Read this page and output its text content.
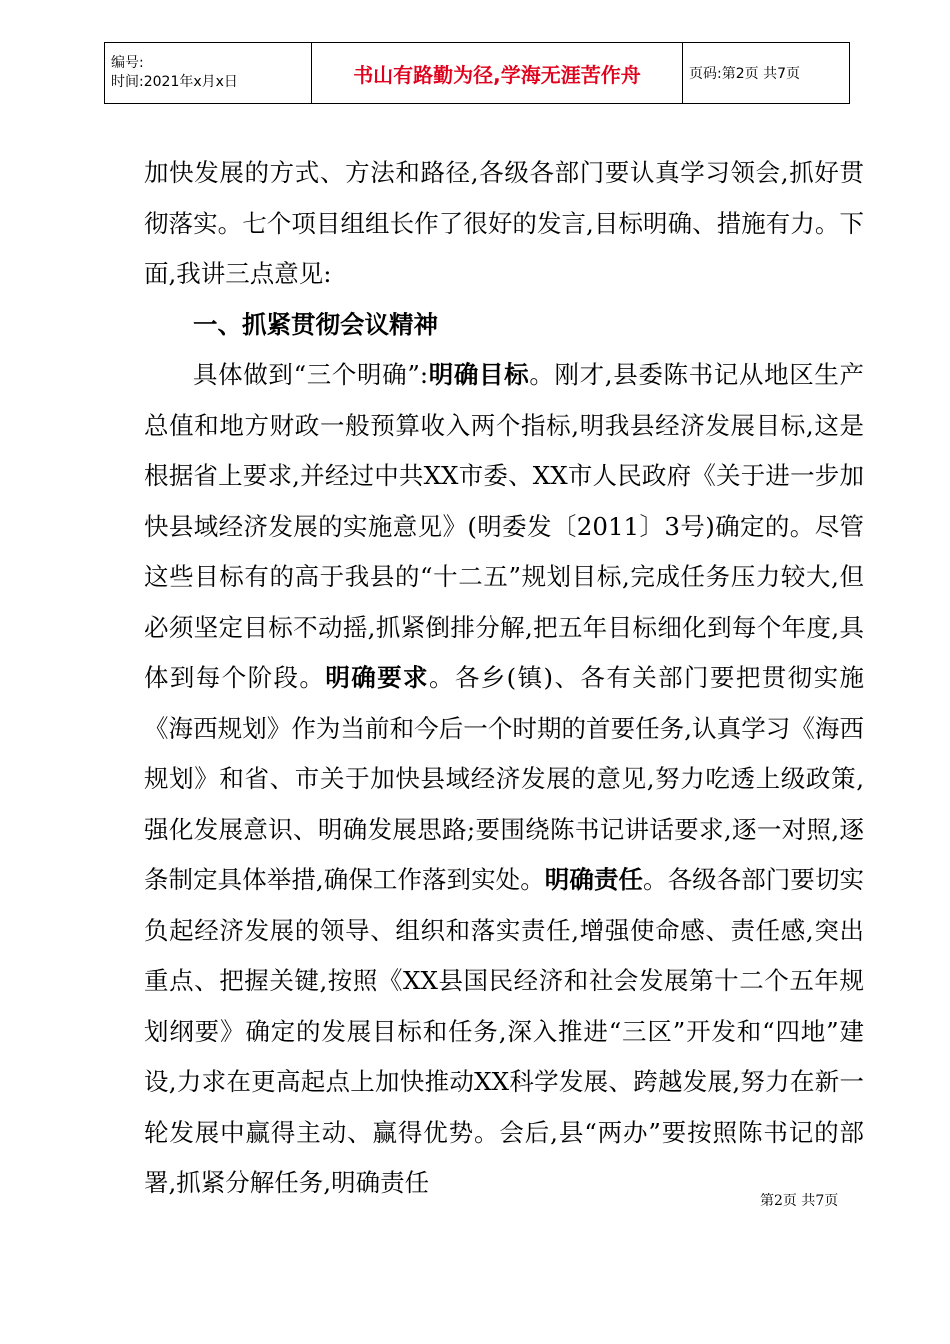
编号:
时间:2021年x月x日	书山有路勤为径,学海无涯苦作舟	页码:第2页 共7页

加快发展的方式、方法和路径,各级各部门要认真学习领会,抓好贯彻落实。七个项目组组长作了很好的发言,目标明确、措施有力。下面,我讲三点意见:

一、抓紧贯彻会议精神

具体做到“三个明确”:明确目标。刚才,县委陈书记从地区生产总值和地方财政一般预算收入两个指标,明我县经济发展目标,这是根据省上要求,并经过中共XX市委、XX市人民政府《关于进一步加快县域经济发展的实施意见》(明委发〔2011〕3号)确定的。尽管这些目标有的高于我县的“十二五”规划目标,完成任务压力较大,但必须坚定目标不动摇,抓紧倒排分解,把五年目标细化到每个年度,具体到每个阶段。明确要求。各乡(镇)、各有关部门要把贯彻实施《海西规划》作为当前和今后一个时期的首要任务,认真学习《海西规划》和省、市关于加快县域经济发展的意见,努力吃透上级政策,强化发展意识、明确发展思路;要围绕陈书记讲话要求,逐一对照,逐条制定具体举措,确保工作落到实处。明确责任。各级各部门要切实负起经济发展的领导、组织和落实责任,增强使命感、责任感,突出重点、把握关键,按照《XX县国民经济和社会发展第十二个五年规划纲要》确定的发展目标和任务,深入推进“三区”开发和“四地”建设,力求在更高起点上加快推动XX科学发展、跨越发展,努力在新一轮发展中赢得主动、赢得优势。会后,县“两办”要按照陈书记的部署,抓紧分解任务,明确责任

第2页 共7页
